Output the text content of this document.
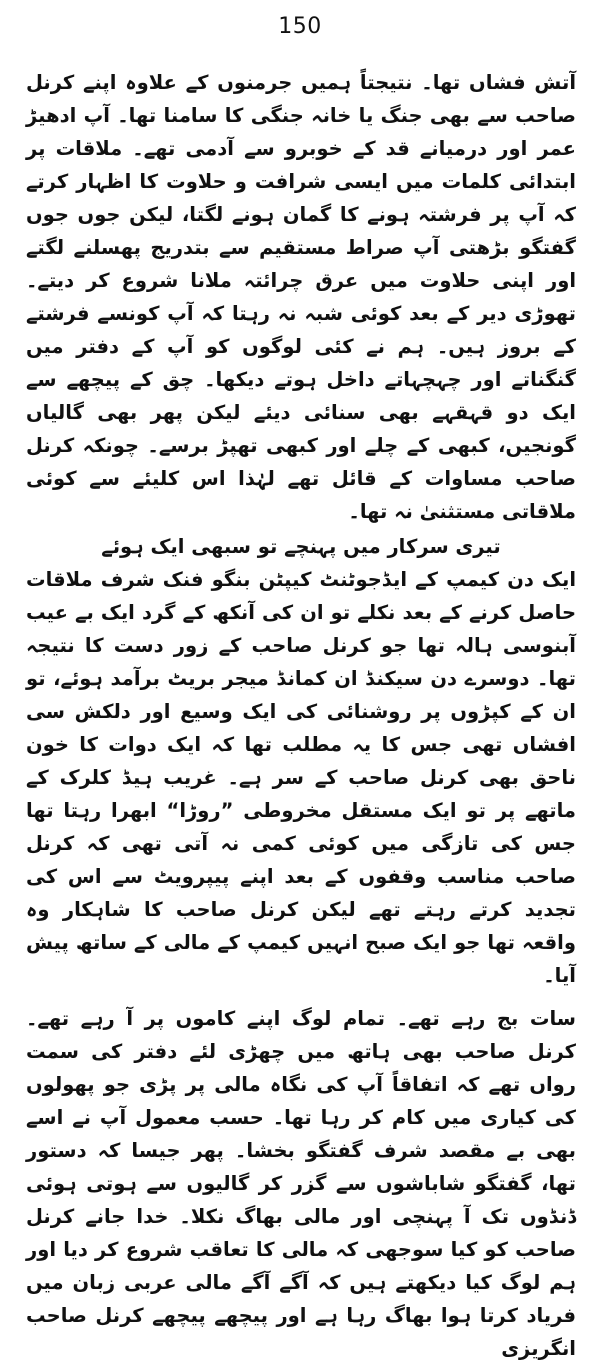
150

آتش فشاں تھا۔ نتیجتاً ہمیں جرمنوں کے علاوہ اپنے کرنل صاحب سے بھی جنگ یا خانہ جنگی کا سامنا تھا۔ آپ ادھیڑ عمر اور درمیانے قد کے خوبرو سے آدمی تھے۔ ملاقات پر ابتدائی کلمات میں ایسی شرافت و حلاوت کا اظہار کرتے کہ آپ پر فرشتہ ہونے کا گمان ہونے لگتا، لیکن جوں جوں گفتگو بڑھتی آپ صراط مستقیم سے بتدریج پھسلنے لگتے اور اپنی حلاوت میں عرق چرائتہ ملانا شروع کر دیتے۔ تھوڑی دیر کے بعد کوئی شبہ نہ رہتا کہ آپ کونسے فرشتے کے بروز ہیں۔ ہم نے کئی لوگوں کو آپ کے دفتر میں گنگناتے اور چہچہاتے داخل ہوتے دیکھا۔ چق کے پیچھے سے ایک دو قہقہے بھی سنائی دیئے لیکن پھر بھی گالیاں گونجیں، کبھی کے چلے اور کبھی تھپڑ برسے۔ چونکہ کرنل صاحب مساوات کے قائل تھے لہٰذا اس کلیئے سے کوئی ملاقاتی مستثنیٰ نہ تھا۔

تیری سرکار میں پہنچے تو سبھی ایک ہوئے

ایک دن کیمپ کے ایڈجوٹنٹ کیپٹن بنگو فنک شرف ملاقات حاصل کرنے کے بعد نکلے تو ان کی آنکھ کے گرد ایک بے عیب آبنوسی ہالہ تھا جو کرنل صاحب کے زور دست کا نتیجہ تھا۔ دوسرے دن سیکنڈ ان کمانڈ میجر بریٹ برآمد ہوئے، تو ان کے کپڑوں پر روشنائی کی ایک وسیع اور دلکش سی افشاں تھی جس کا یہ مطلب تھا کہ ایک دوات کا خون ناحق بھی کرنل صاحب کے سر ہے۔ غریب ہیڈ کلرک کے ماتھے پر تو ایک مستقل مخروطی ”روڑا“ ابھرا رہتا تھا جس کی تازگی میں کوئی کمی نہ آتی تھی کہ کرنل صاحب مناسب وقفوں کے بعد اپنے پیپرویٹ سے اس کی تجدید کرتے رہتے تھے لیکن کرنل صاحب کا شاہکار وہ واقعہ تھا جو ایک صبح انہیں کیمپ کے مالی کے ساتھ پیش آیا۔

سات بج رہے تھے۔ تمام لوگ اپنے کاموں پر آ رہے تھے۔ کرنل صاحب بھی ہاتھ میں چھڑی لئے دفتر کی سمت رواں تھے کہ اتفاقاً آپ کی نگاہ مالی پر پڑی جو پھولوں کی کیاری میں کام کر رہا تھا۔ حسب معمول آپ نے اسے بھی بے مقصد شرف گفتگو بخشا۔ پھر جیسا کہ دستور تھا، گفتگو شاباشوں سے گزر کر گالیوں سے ہوتی ہوئی ڈنڈوں تک آ پہنچی اور مالی بھاگ نکلا۔ خدا جانے کرنل صاحب کو کیا سوجھی کہ مالی کا تعاقب شروع کر دیا اور ہم لوگ کیا دیکھتے ہیں کہ آگے آگے مالی عربی زبان میں فریاد کرتا ہوا بھاگ رہا ہے اور پیچھے پیچھے کرنل صاحب انگریزی
